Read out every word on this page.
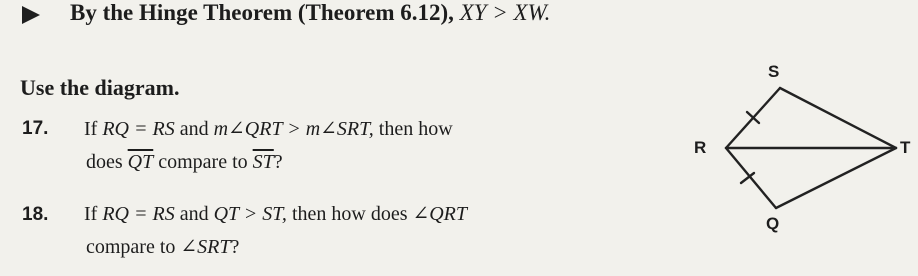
By the Hinge Theorem (Theorem 6.12), XY > XW.
Use the diagram.
17. If RQ = RS and m∠QRT > m∠SRT, then how
does $\overline{QT}$ compare to $\overline{ST}$?
18. If RQ = RS and QT > ST, then how does ∠QRT
compare to ∠SRT?
S
R	T
Q
